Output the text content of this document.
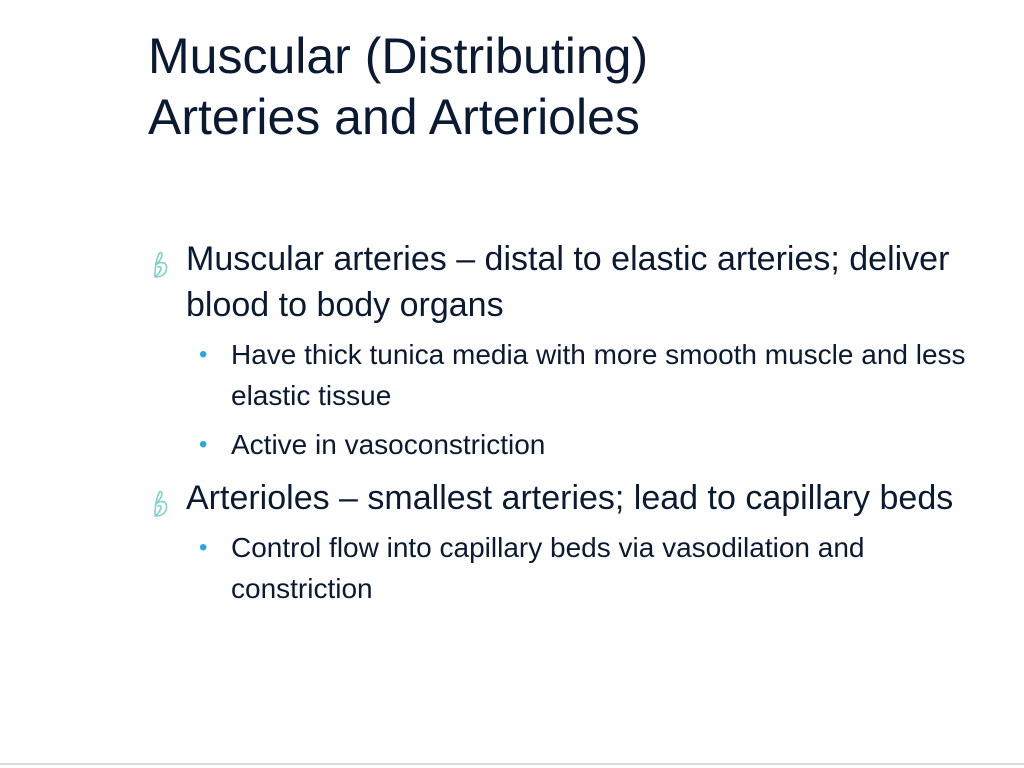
Muscular (Distributing)
Arteries and Arterioles
Muscular arteries – distal to elastic arteries; deliver blood to body organs
• Have thick tunica media with more smooth muscle and less elastic tissue
• Active in vasoconstriction
Arterioles – smallest arteries; lead to capillary beds
• Control flow into capillary beds via vasodilation and constriction
